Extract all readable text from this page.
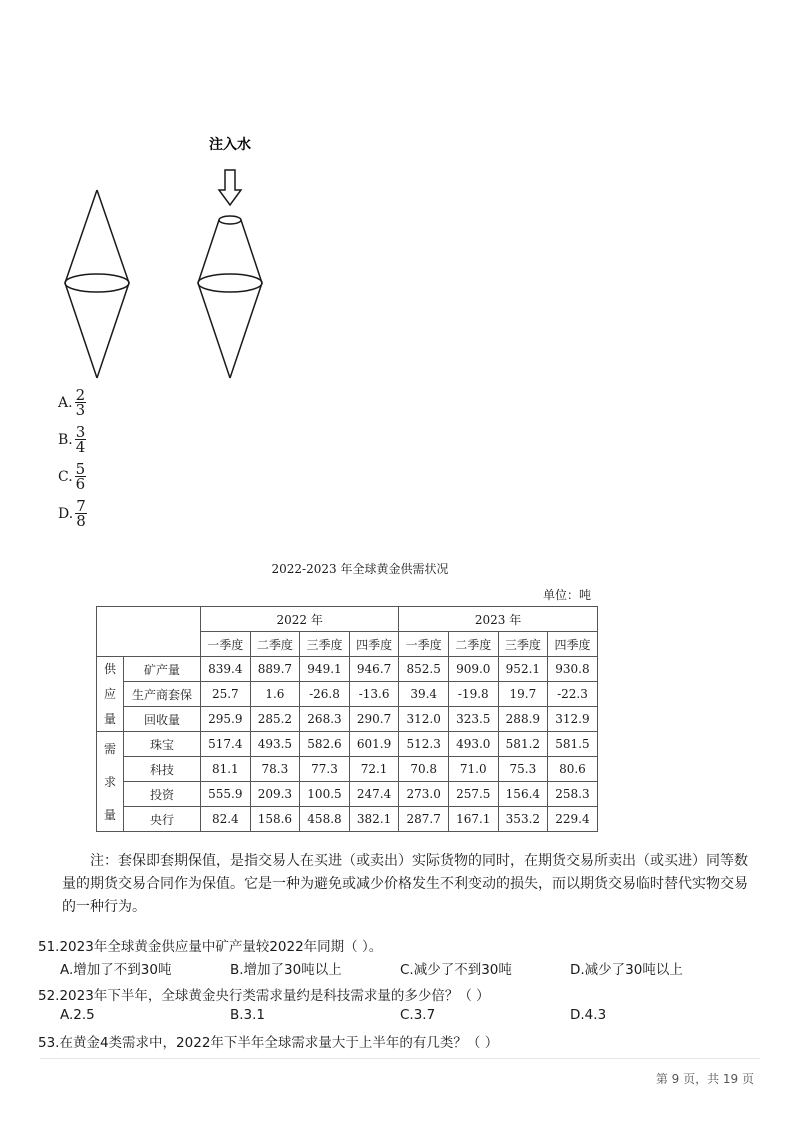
注入水
A. $\frac{2}{3}$
B. $\frac{3}{4}$
C. $\frac{5}{6}$
D. $\frac{7}{8}$
2022-2023 年全球黄金供需状况
单位：吨
		2022 年				2023 年			
		一季度	二季度	三季度	四季度	一季度	二季度	三季度	四季度

供
应
量	矿产量	839.4	889.7	949.1	946.7	852.5	909.0	952.1	930.8
	生产商套保	25.7	1.6	-26.8	-13.6	39.4	-19.8	19.7	-22.3
	回收量	295.9	285.2	268.3	290.7	312.0	323.5	288.9	312.9

需
求
量	珠宝	517.4	493.5	582.6	601.9	512.3	493.0	581.2	581.5
	科技	81.1	78.3	77.3	72.1	70.8	71.0	75.3	80.6
	投资	555.9	209.3	100.5	247.4	273.0	257.5	156.4	258.3
	央行	82.4	158.6	458.8	382.1	287.7	167.1	353.2	229.4
注：套保即套期保值，是指交易人在买进（或卖出）实际货物的同时，在期货交易所卖出（或买进）同等数量的期货交易合同作为保值。它是一种为避免或减少价格发生不利变动的损失，而以期货交易临时替代实物交易的一种行为。
51.2023年全球黄金供应量中矿产量较2022年同期（ ）。
A.增加了不到30吨	B.增加了30吨以上	C.减少了不到30吨	D.减少了30吨以上
52.2023年下半年，全球黄金央行类需求量约是科技需求量的多少倍？（ ）
A.2.5	B.3.1	C.3.7	D.4.3
53.在黄金4类需求中，2022年下半年全球需求量大于上半年的有几类？（ ）
第 9 页，共 19 页
